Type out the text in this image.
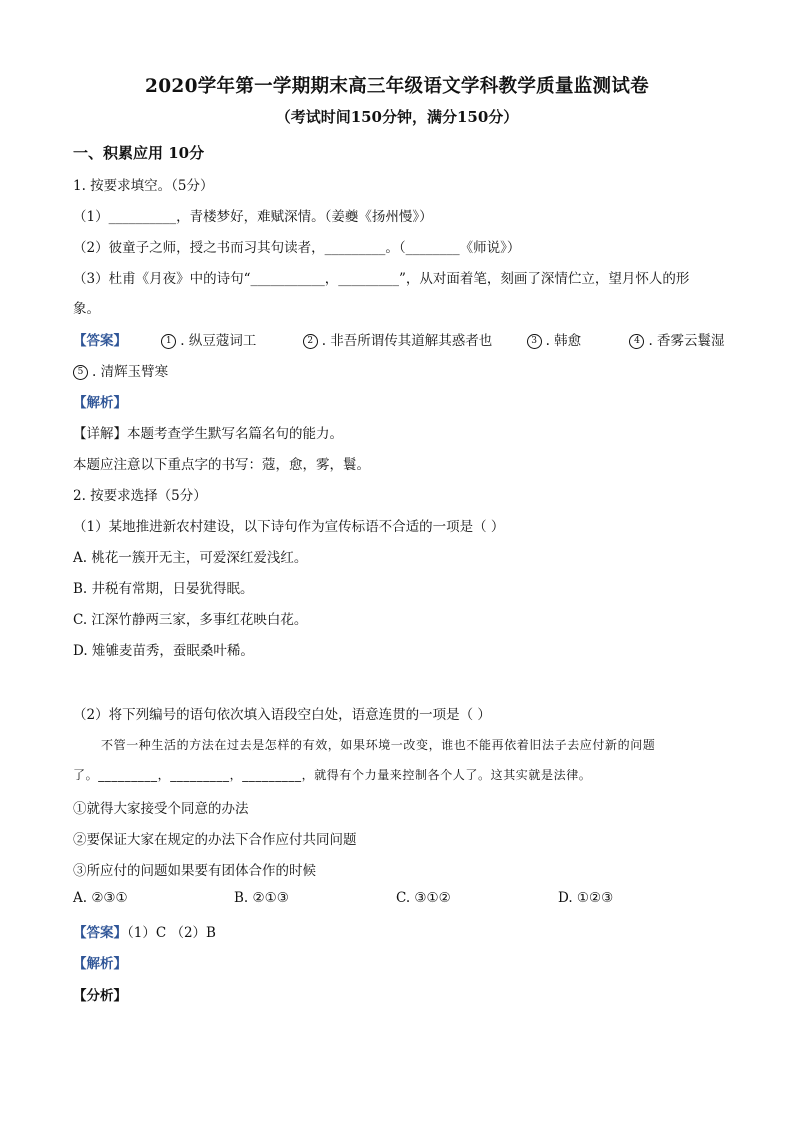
2020学年第一学期期末高三年级语文学科教学质量监测试卷
（考试时间150分钟，满分150分）
一、积累应用 10分
1. 按要求填空。（5分）
（1）__________，青楼梦好，难赋深情。（姜夔《扬州慢》）
（2）彼童子之师，授之书而习其句读者，_________。（________《师说》）
（3）杜甫《月夜》中的诗句“___________，_________”，从对面着笔，刻画了深情伫立，望月怀人的形
象。
【答案】	1 . 纵豆蔻词工	2 . 非吾所谓传其道解其惑者也	3 . 韩愈	4 . 香雾云鬟湿
5 . 清辉玉臂寒
【解析】
【详解】本题考查学生默写名篇名句的能力。
本题应注意以下重点字的书写：蔻，愈，雾，鬟。
2. 按要求选择（5分）
（1）某地推进新农村建设，以下诗句作为宣传标语不合适的一项是（ ）
A. 桃花一簇开无主，可爱深红爱浅红。
B. 井税有常期，日晏犹得眠。
C. 江深竹静两三家，多事红花映白花。
D. 雉雊麦苗秀，蚕眠桑叶稀。
（2）将下列编号的语句依次填入语段空白处，语意连贯的一项是（ ）
不管一种生活的方法在过去是怎样的有效，如果环境一改变，谁也不能再依着旧法子去应付新的问题
了。_________，_________，_________，就得有个力量来控制各个人了。这其实就是法律。
①就得大家接受个同意的办法
②要保证大家在规定的办法下合作应付共同问题
③所应付的问题如果要有团体合作的时候
A. ②③①	B. ②①③	C. ③①②	D. ①②③
【答案】（1）C （2）B
【解析】
【分析】
